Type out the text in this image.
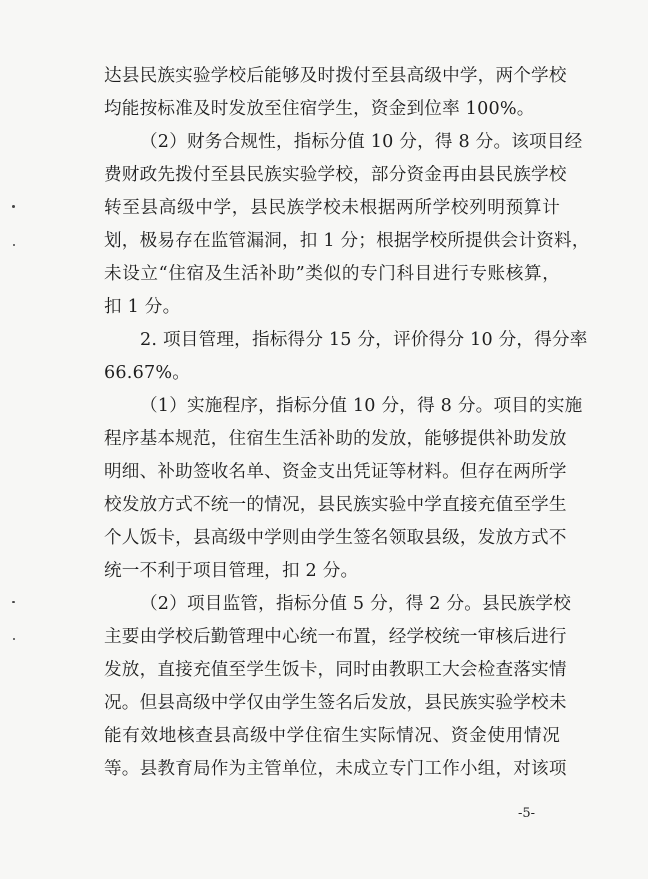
达县民族实验学校后能够及时拨付至县高级中学，两个学校
均能按标准及时发放至住宿学生，资金到位率 100%。
（2）财务合规性，指标分值 10 分，得 8 分。该项目经
费财政先拨付至县民族实验学校，部分资金再由县民族学校
转至县高级中学，县民族学校未根据两所学校列明预算计
划，极易存在监管漏洞，扣 1 分；根据学校所提供会计资料，
未设立“住宿及生活补助”类似的专门科目进行专账核算，
扣 1 分。
2. 项目管理，指标得分 15 分，评价得分 10 分，得分率
66.67%。
（1）实施程序，指标分值 10 分，得 8 分。项目的实施
程序基本规范，住宿生生活补助的发放，能够提供补助发放
明细、补助签收名单、资金支出凭证等材料。但存在两所学
校发放方式不统一的情况，县民族实验中学直接充值至学生
个人饭卡，县高级中学则由学生签名领取县级，发放方式不
统一不利于项目管理，扣 2 分。
（2）项目监管，指标分值 5 分，得 2 分。县民族学校
主要由学校后勤管理中心统一布置，经学校统一审核后进行
发放，直接充值至学生饭卡，同时由教职工大会检查落实情
况。但县高级中学仅由学生签名后发放，县民族实验学校未
能有效地核查县高级中学住宿生实际情况、资金使用情况
等。县教育局作为主管单位，未成立专门工作小组，对该项
-5-
